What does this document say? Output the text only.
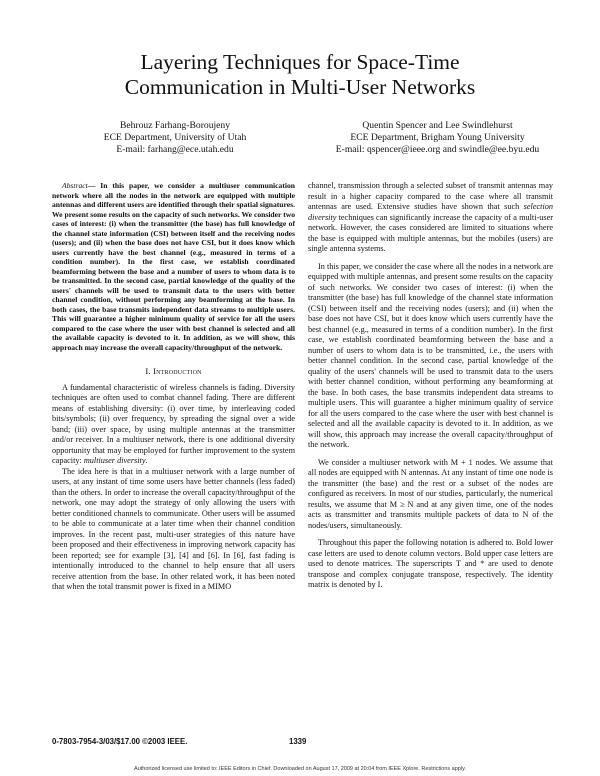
Layering Techniques for Space-Time
Communication in Multi-User Networks
Behrouz Farhang-Boroujeny
ECE Department, University of Utah
E-mail: farhang@ece.utah.edu
Quentin Spencer and Lee Swindlehurst
ECE Department, Brigham Young University
E-mail: qspencer@ieee.org and swindle@ee.byu.edu

Abstract— In this paper, we consider a multiuser communication network where all the nodes in the network are equipped with multiple antennas and different users are identified through their spatial signatures. We present some results on the capacity of such networks. We consider two cases of interest: (i) when the transmitter (the base) has full knowledge of the channel state information (CSI) between itself and the receiving nodes (users); and (ii) when the base does not have CSI, but it does know which users currently have the best channel (e.g., measured in terms of a condition number). In the first case, we establish coordinated beamforming between the base and a number of users to whom data is to be transmitted. In the second case, partial knowledge of the quality of the users' channels will be used to transmit data to the users with better channel condition, without performing any beamforming at the base. In both cases, the base transmits independent data streams to multiple users. This will guarantee a higher minimum quality of service for all the users compared to the case where the user with best channel is selected and all the available capacity is devoted to it. In addition, as we will show, this approach may increase the overall capacity/throughput of the network.

I. Introduction

A fundamental characteristic of wireless channels is fading. Diversity techniques are often used to combat channel fading. There are different means of establishing diversity: (i) over time, by interleaving coded bits/symbols; (ii) over frequency, by spreading the signal over a wide band; (iii) over space, by using multiple antennas at the transmitter and/or receiver. In a multiuser network, there is one additional diversity opportunity that may be employed for further improvement to the system capacity: multiuser diversity.

The idea here is that in a multiuser network with a large number of users, at any instant of time some users have better channels (less faded) than the others. In order to increase the overall capacity/throughput of the network, one may adopt the strategy of only allowing the users with better conditioned channels to communicate. Other users will be assumed to be able to communicate at a later time when their channel condition improves. In the recent past, multi-user strategies of this nature have been proposed and their effectiveness in improving network capacity has been reported; see for example [3], [4] and [6]. In [6], fast fading is intentionally introduced to the channel to help ensure that all users receive attention from the base. In other related work, it has been noted that when the total transmit power is fixed in a MIMO

channel, transmission through a selected subset of transmit antennas may result in a higher capacity compared to the case where all transmit antennas are used. Extensive studies have shown that such selection diversity techniques can significantly increase the capacity of a multi-user network. However, the cases considered are limited to situations where the base is equipped with multiple antennas, but the mobiles (users) are single antenna systems.

In this paper, we consider the case where all the nodes in a network are equipped with multiple antennas, and present some results on the capacity of such networks. We consider two cases of interest: (i) when the transmitter (the base) has full knowledge of the channel state information (CSI) between itself and the receiving nodes (users); and (ii) when the base does not have CSI, but it does know which users currently have the best channel (e.g., measured in terms of a condition number). In the first case, we establish coordinated beamforming between the base and a number of users to whom data is to be transmitted, i.e., the users with better channel condition. In the second case, partial knowledge of the quality of the users' channels will be used to transmit data to the users with better channel condition, without performing any beamforming at the base. In both cases, the base transmits independent data streams to multiple users. This will guarantee a higher minimum quality of service for all the users compared to the case where the user with best channel is selected and all the available capacity is devoted to it. In addition, as we will show, this approach may increase the overall capacity/throughput of the network.

We consider a multiuser network with M + 1 nodes. We assume that all nodes are equipped with N antennas. At any instant of time one node is the transmitter (the base) and the rest or a subset of the nodes are configured as receivers. In most of our studies, particularly, the numerical results, we assume that M ≥ N and at any given time, one of the nodes acts as transmitter and transmits multiple packets of data to N of the nodes/users, simultaneously.

Throughout this paper the following notation is adhered to. Bold lower case letters are used to denote column vectors. Bold upper case letters are used to denote matrices. The superscripts T and * are used to denote transpose and complex conjugate transpose, respectively. The identity matrix is denoted by I.

0-7803-7954-3/03/$17.00 ©2003 IEEE.	1339
Authorized licensed use limited to: IEEE Editors in Chief. Downloaded on August 17, 2009 at 20:04 from IEEE Xplore. Restrictions apply.
